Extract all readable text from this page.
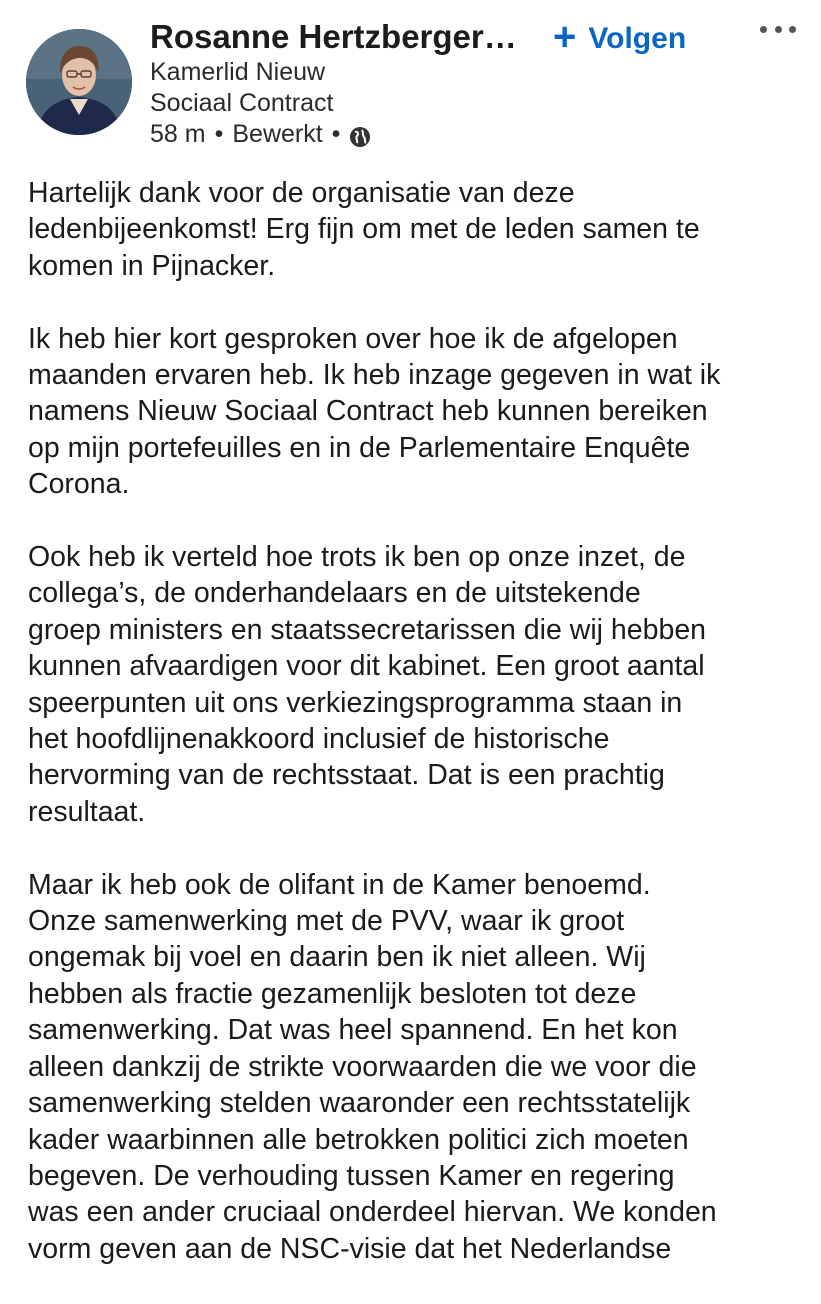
Rosanne Hertzberger… + Volgen
Kamerlid Nieuw
Sociaal Contract
58 m • Bewerkt •

Hartelijk dank voor de organisatie van deze
ledenbijeenkomst! Erg fijn om met de leden samen te
komen in Pijnacker.

Ik heb hier kort gesproken over hoe ik de afgelopen
maanden ervaren heb. Ik heb inzage gegeven in wat ik
namens Nieuw Sociaal Contract heb kunnen bereiken
op mijn portefeuilles en in de Parlementaire Enquête
Corona.

Ook heb ik verteld hoe trots ik ben op onze inzet, de
collega’s, de onderhandelaars en de uitstekende
groep ministers en staatssecretarissen die wij hebben
kunnen afvaardigen voor dit kabinet. Een groot aantal
speerpunten uit ons verkiezingsprogramma staan in
het hoofdlijnenakkoord inclusief de historische
hervorming van de rechtsstaat. Dat is een prachtig
resultaat.

Maar ik heb ook de olifant in de Kamer benoemd.
Onze samenwerking met de PVV, waar ik groot
ongemak bij voel en daarin ben ik niet alleen. Wij
hebben als fractie gezamenlijk besloten tot deze
samenwerking. Dat was heel spannend. En het kon
alleen dankzij de strikte voorwaarden die we voor die
samenwerking stelden waaronder een rechtsstatelijk
kader waarbinnen alle betrokken politici zich moeten
begeven. De verhouding tussen Kamer en regering
was een ander cruciaal onderdeel hiervan. We konden
vorm geven aan de NSC-visie dat het Nederlandse
